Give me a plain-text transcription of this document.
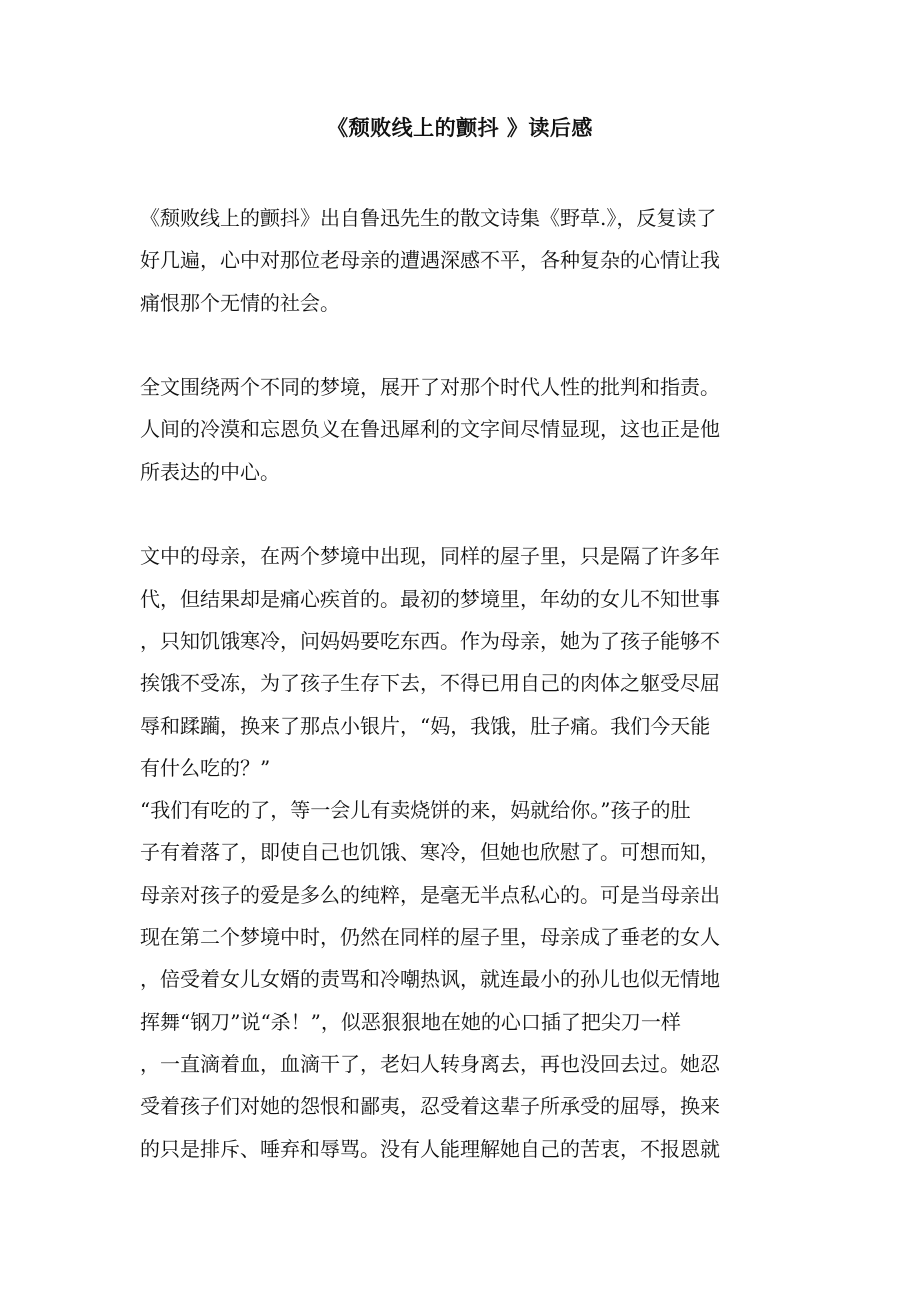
《颓败线上的颤抖 》读后感
《颓败线上的颤抖》出自鲁迅先生的散文诗集《野草.》，反复读了
好几遍，心中对那位老母亲的遭遇深感不平，各种复杂的心情让我
痛恨那个无情的社会。
全文围绕两个不同的梦境，展开了对那个时代人性的批判和指责。
人间的冷漠和忘恩负义在鲁迅犀利的文字间尽情显现，这也正是他
所表达的中心。
文中的母亲，在两个梦境中出现，同样的屋子里，只是隔了许多年
代，但结果却是痛心疾首的。最初的梦境里，年幼的女儿不知世事
，只知饥饿寒冷，问妈妈要吃东西。作为母亲，她为了孩子能够不
挨饿不受冻，为了孩子生存下去，不得已用自己的肉体之躯受尽屈
辱和蹂躏，换来了那点小银片，“妈，我饿，肚子痛。我们今天能
有什么吃的？”
“我们有吃的了，等一会儿有卖烧饼的来，妈就给你。”孩子的肚
子有着落了，即使自己也饥饿、寒冷，但她也欣慰了。可想而知，
母亲对孩子的爱是多么的纯粹，是毫无半点私心的。可是当母亲出
现在第二个梦境中时，仍然在同样的屋子里，母亲成了垂老的女人
，倍受着女儿女婿的责骂和冷嘲热讽，就连最小的孙儿也似无情地
挥舞“钢刀”说“杀！”，似恶狠狠地在她的心口插了把尖刀一样
，一直滴着血，血滴干了，老妇人转身离去，再也没回去过。她忍
受着孩子们对她的怨恨和鄙夷，忍受着这辈子所承受的屈辱，换来
的只是排斥、唾弃和辱骂。没有人能理解她自己的苦衷，不报恩就
